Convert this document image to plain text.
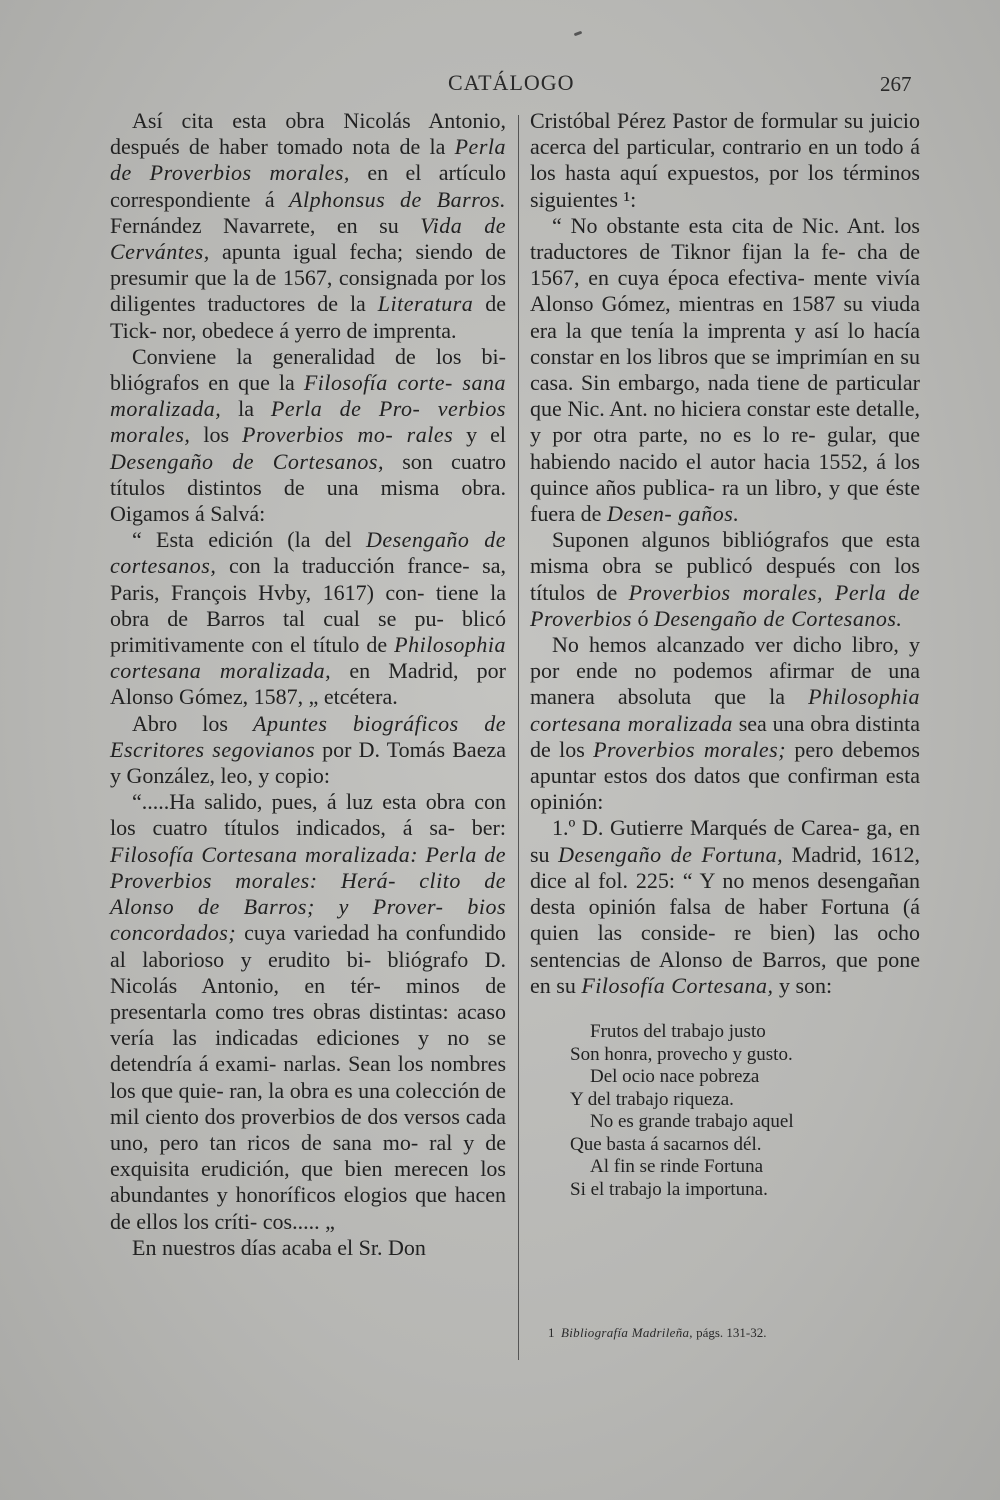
CATÁLOGO	267

Así cita esta obra Nicolás Antonio, después de haber tomado nota de la Perla de Proverbios morales, en el artículo correspondiente á Alphonsus de Barros. Fernández Navarrete, en su Vida de Cervántes, apunta igual fecha; siendo de presumir que la de 1567, consignada por los diligentes traductores de la Literatura de Tick- nor, obedece á yerro de imprenta.

Conviene la generalidad de los bi- bliógrafos en que la Filosofía corte- sana moralizada, la Perla de Pro- verbios morales, los Proverbios mo- rales y el Desengaño de Cortesanos, son cuatro títulos distintos de una misma obra. Oigamos á Salvá:

“ Esta edición (la del Desengaño de cortesanos, con la traducción france- sa, Paris, François Hvby, 1617) con- tiene la obra de Barros tal cual se pu- blicó primitivamente con el título de Philosophia cortesana moralizada, en Madrid, por Alonso Gómez, 1587, „ etcétera.

Abro los Apuntes biográficos de Escritores segovianos por D. Tomás Baeza y González, leo, y copio:

“.....Ha salido, pues, á luz esta obra con los cuatro títulos indicados, á sa- ber: Filosofía Cortesana moralizada: Perla de Proverbios morales: Herá- clito de Alonso de Barros; y Prover- bios concordados; cuya variedad ha confundido al laborioso y erudito bi- bliógrafo D. Nicolás Antonio, en tér- minos de presentarla como tres obras distintas: acaso vería las indicadas ediciones y no se detendría á exami- narlas. Sean los nombres los que quie- ran, la obra es una colección de mil ciento dos proverbios de dos versos cada uno, pero tan ricos de sana mo- ral y de exquisita erudición, que bien merecen los abundantes y honoríficos elogios que hacen de ellos los críti- cos..... „

En nuestros días acaba el Sr. Don

Cristóbal Pérez Pastor de formular su juicio acerca del particular, contrario en un todo á los hasta aquí expuestos, por los términos siguientes ¹:

“ No obstante esta cita de Nic. Ant. los traductores de Tiknor fijan la fe- cha de 1567, en cuya época efectiva- mente vivía Alonso Gómez, mientras en 1587 su viuda era la que tenía la imprenta y así lo hacía constar en los libros que se imprimían en su casa. Sin embargo, nada tiene de particular que Nic. Ant. no hiciera constar este detalle, y por otra parte, no es lo re- gular, que habiendo nacido el autor hacia 1552, á los quince años publica- ra un libro, y que éste fuera de Desen- gaños.

Suponen algunos bibliógrafos que esta misma obra se publicó después con los títulos de Proverbios morales, Perla de Proverbios ó Desengaño de Cortesanos.

No hemos alcanzado ver dicho libro, y por ende no podemos afirmar de una manera absoluta que la Philosophia cortesana moralizada sea una obra distinta de los Proverbios morales; pero debemos apuntar estos dos datos que confirman esta opinión:

1.º D. Gutierre Marqués de Carea- ga, en su Desengaño de Fortuna, Madrid, 1612, dice al fol. 225: “ Y no menos desengañan desta opinión falsa de haber Fortuna (á quien las conside- re bien) las ocho sentencias de Alonso de Barros, que pone en su Filosofía Cortesana, y son:

Frutos del trabajo justo
Son honra, provecho y gusto.
Del ocio nace pobreza
Y del trabajo riqueza.
No es grande trabajo aquel
Que basta á sacarnos dél.
Al fin se rinde Fortuna
Si el trabajo la importuna.
1 Bibliografía Madrileña, págs. 131-32.
